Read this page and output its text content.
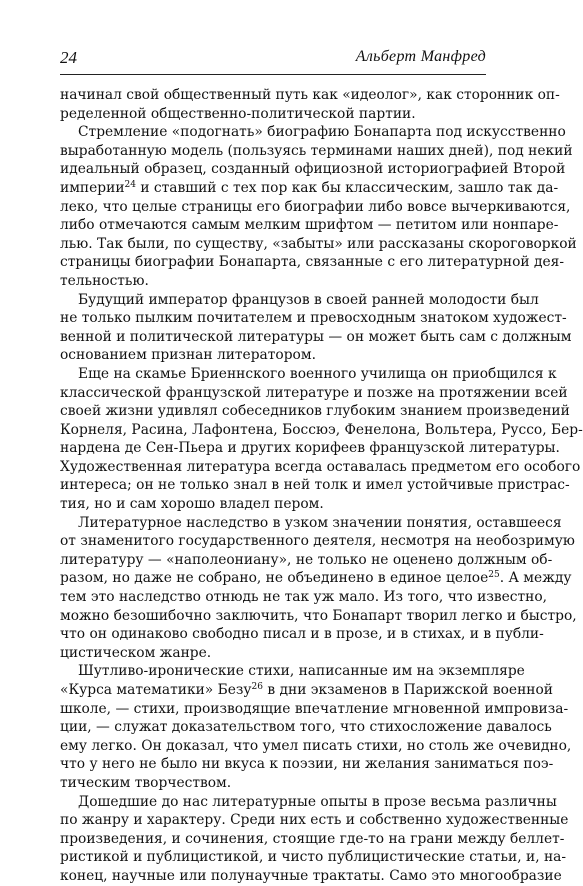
24	Альберт Манфред
начинал свой общественный путь как «идеолог», как сторонник оп-
ределенной общественно-политической партии.
Стремление «подогнать» биографию Бонапарта под искусственно
выработанную модель (пользуясь терминами наших дней), под некий
идеальный образец, созданный официозной историографией Второй
империи$^{24}$ и ставший с тех пор как бы классическим, зашло так да-
леко, что целые страницы его биографии либо вовсе вычеркиваются,
либо отмечаются самым мелким шрифтом — петитом или нонпаре-
лью. Так были, по существу, «забыты» или рассказаны скороговоркой
страницы биографии Бонапарта, связанные с его литературной дея-
тельностью.
Будущий император французов в своей ранней молодости был
не только пылким почитателем и превосходным знатоком художест-
венной и политической литературы — он может быть сам с должным
основанием признан литератором.
Еще на скамье Бриеннского военного училища он приобщился к
классической французской литературе и позже на протяжении всей
своей жизни удивлял собеседников глубоким знанием произведений
Корнеля, Расина, Лафонтена, Боссюэ, Фенелона, Вольтера, Руссо, Бер-
нардена де Сен-Пьера и других корифеев французской литературы.
Художественная литература всегда оставалась предметом его особого
интереса; он не только знал в ней толк и имел устойчивые пристрас-
тия, но и сам хорошо владел пером.
Литературное наследство в узком значении понятия, оставшееся
от знаменитого государственного деятеля, несмотря на необозримую
литературу — «наполеониану», не только не оценено должным об-
разом, но даже не собрано, не объединено в единое целое$^{25}$. А между
тем это наследство отнюдь не так уж мало. Из того, что известно,
можно безошибочно заключить, что Бонапарт творил легко и быстро,
что он одинаково свободно писал и в прозе, и в стихах, и в публи-
цистическом жанре.
Шутливо-иронические стихи, написанные им на экземпляре
«Курса математики» Безу$^{26}$ в дни экзаменов в Парижской военной
школе, — стихи, производящие впечатление мгновенной импровиза-
ции, — служат доказательством того, что стихосложение давалось
ему легко. Он доказал, что умел писать стихи, но столь же очевидно,
что у него не было ни вкуса к поэзии, ни желания заниматься поэ-
тическим творчеством.
Дошедшие до нас литературные опыты в прозе весьма различны
по жанру и характеру. Среди них есть и собственно художественные
произведения, и сочинения, стоящие где-то на грани между беллет-
ристикой и публицистикой, и чисто публицистические статьи, и, на-
конец, научные или полунаучные трактаты. Само это многообразие
